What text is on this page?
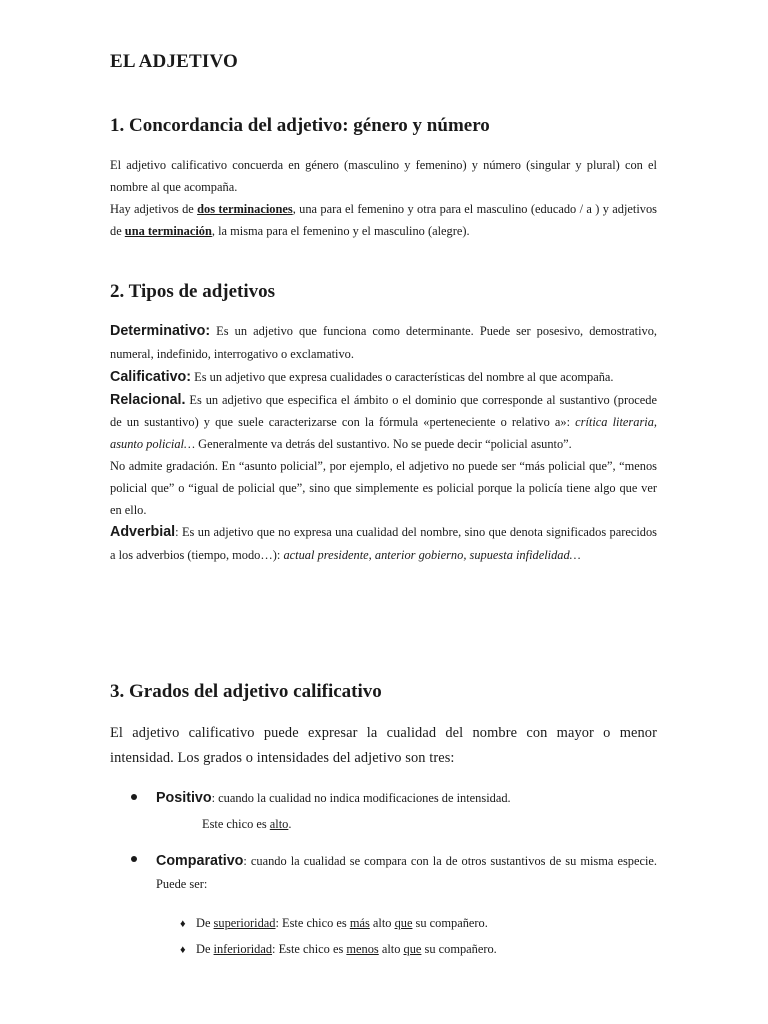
EL ADJETIVO
1. Concordancia del adjetivo: género y número

El adjetivo calificativo concuerda en género (masculino y femenino) y número (singular y plural) con el nombre al que acompaña.

Hay adjetivos de dos terminaciones, una para el femenino y otra para el masculino (educado / a ) y adjetivos de una terminación, la misma para el femenino y el masculino (alegre).

2. Tipos de adjetivos

Determinativo: Es un adjetivo que funciona como determinante. Puede ser posesivo, demostrativo, numeral, indefinido, interrogativo o exclamativo.

Calificativo: Es un adjetivo que expresa cualidades o características del nombre al que acompaña.

Relacional. Es un adjetivo que especifica el ámbito o el dominio que corresponde al sustantivo (procede de un sustantivo) y que suele caracterizarse con la fórmula «perteneciente o relativo a»: crítica literaria, asunto policial… Generalmente va detrás del sustantivo. No se puede decir “policial asunto”.

No admite gradación. En “asunto policial”, por ejemplo, el adjetivo no puede ser “más policial que”, “menos policial que” o “igual de policial que”, sino que simplemente es policial porque la policía tiene algo que ver en ello.

Adverbial: Es un adjetivo que no expresa una cualidad del nombre, sino que denota significados parecidos a los adverbios (tiempo, modo…): actual presidente, anterior gobierno, supuesta infidelidad…

3. Grados del adjetivo calificativo

El adjetivo calificativo puede expresar la cualidad del nombre con mayor o menor intensidad. Los grados o intensidades del adjetivo son tres:

Positivo: cuando la cualidad no indica modificaciones de intensidad.

Este chico es alto.

Comparativo: cuando la cualidad se compara con la de otros sustantivos de su misma especie. Puede ser:

♦ De superioridad: Este chico es más alto que su compañero.
♦ De inferioridad: Este chico es menos alto que su compañero.
